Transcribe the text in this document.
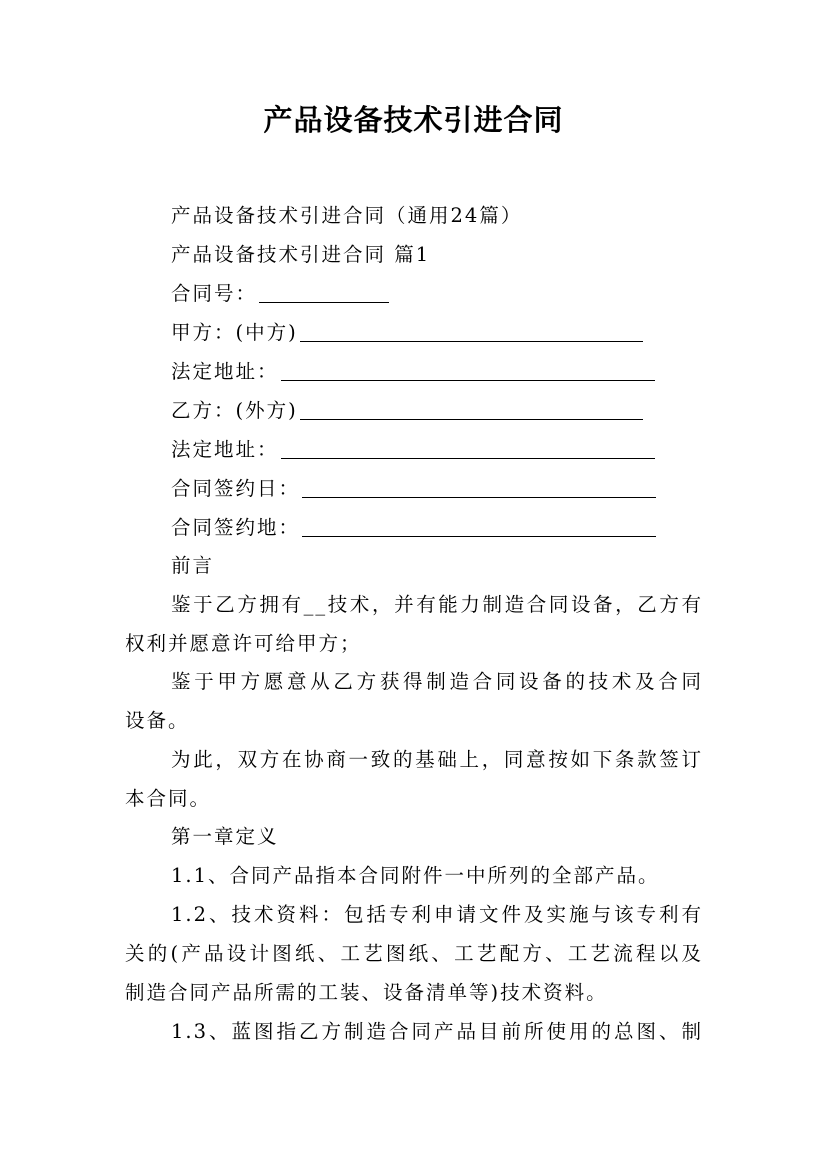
产品设备技术引进合同
产品设备技术引进合同（通用24篇）
产品设备技术引进合同 篇1
合同号：
甲方：(中方)
法定地址：
乙方：(外方)
法定地址：
合同签约日：
合同签约地：
前言
鉴于乙方拥有__技术，并有能力制造合同设备，乙方有
权利并愿意许可给甲方；
鉴于甲方愿意从乙方获得制造合同设备的技术及合同
设备。
为此，双方在协商一致的基础上，同意按如下条款签订
本合同。
第一章定义
1.1、合同产品指本合同附件一中所列的全部产品。
1.2、技术资料：包括专利申请文件及实施与该专利有
关的(产品设计图纸、工艺图纸、工艺配方、工艺流程以及
制造合同产品所需的工装、设备清单等)技术资料。
1.3、蓝图指乙方制造合同产品目前所使用的总图、制
